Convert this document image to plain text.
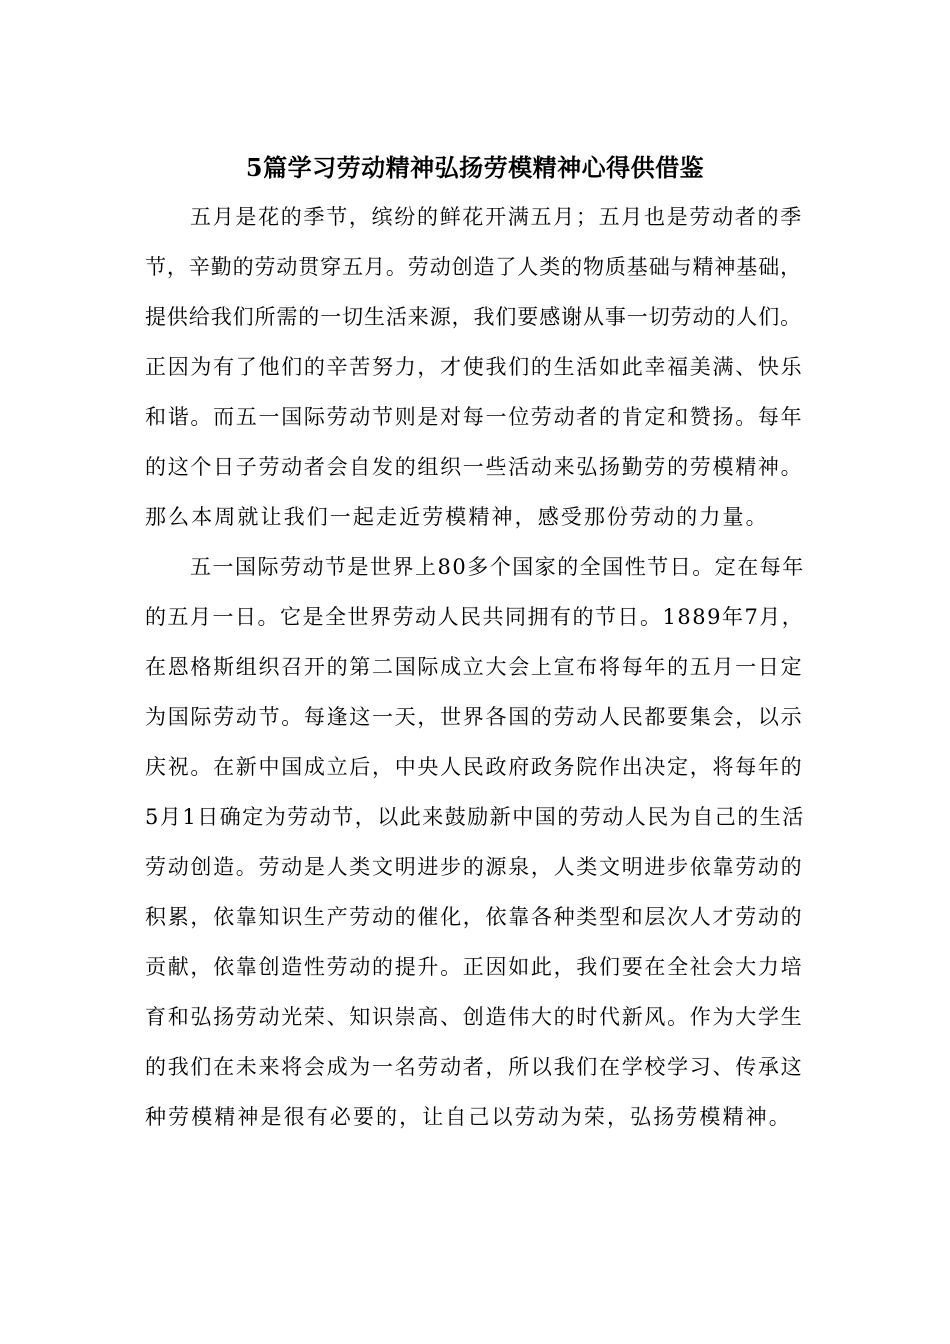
5篇学习劳动精神弘扬劳模精神心得供借鉴
五月是花的季节，缤纷的鲜花开满五月；五月也是劳动者的季
节，辛勤的劳动贯穿五月。劳动创造了人类的物质基础与精神基础，
提供给我们所需的一切生活来源，我们要感谢从事一切劳动的人们。
正因为有了他们的辛苦努力，才使我们的生活如此幸福美满、快乐
和谐。而五一国际劳动节则是对每一位劳动者的肯定和赞扬。每年
的这个日子劳动者会自发的组织一些活动来弘扬勤劳的劳模精神。
那么本周就让我们一起走近劳模精神，感受那份劳动的力量。
五一国际劳动节是世界上80多个国家的全国性节日。定在每年
的五月一日。它是全世界劳动人民共同拥有的节日。1889年7月，
在恩格斯组织召开的第二国际成立大会上宣布将每年的五月一日定
为国际劳动节。每逢这一天，世界各国的劳动人民都要集会，以示
庆祝。在新中国成立后，中央人民政府政务院作出决定，将每年的
5月1日确定为劳动节，以此来鼓励新中国的劳动人民为自己的生活
劳动创造。劳动是人类文明进步的源泉，人类文明进步依靠劳动的
积累，依靠知识生产劳动的催化，依靠各种类型和层次人才劳动的
贡献，依靠创造性劳动的提升。正因如此，我们要在全社会大力培
育和弘扬劳动光荣、知识崇高、创造伟大的时代新风。作为大学生
的我们在未来将会成为一名劳动者，所以我们在学校学习、传承这
种劳模精神是很有必要的，让自己以劳动为荣，弘扬劳模精神。
